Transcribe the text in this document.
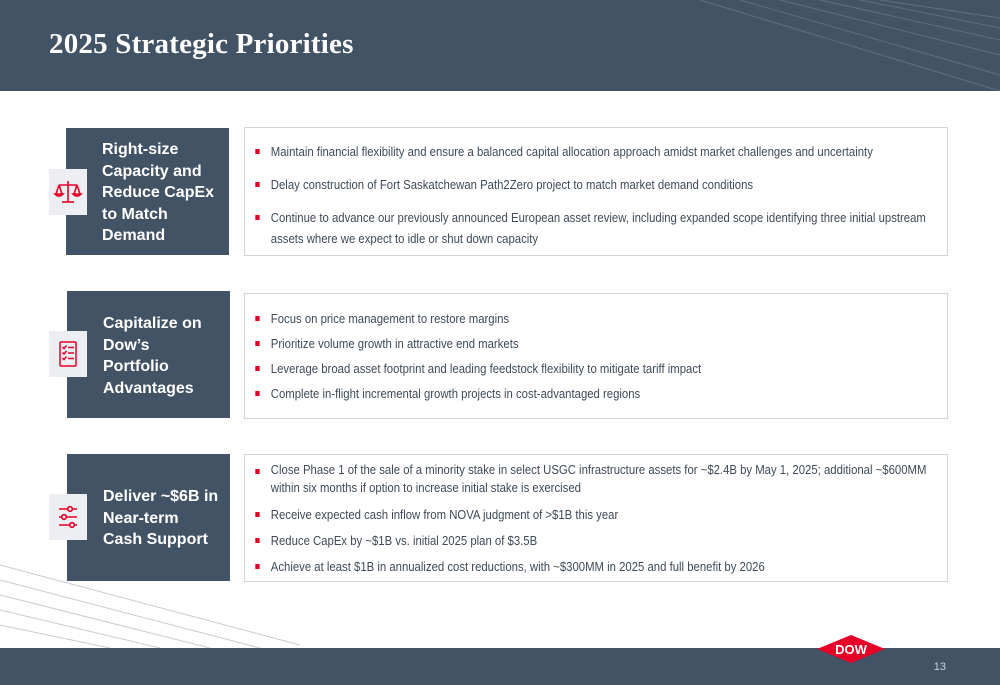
2025 Strategic Priorities
Right-size
Capacity and
Reduce CapEx
to Match
Demand
Maintain financial flexibility and ensure a balanced capital allocation approach amidst market challenges and uncertainty
Delay construction of Fort Saskatchewan Path2Zero project to match market demand conditions
Continue to advance our previously announced European asset review, including expanded scope identifying three initial upstream assets where we expect to idle or shut down capacity
Capitalize on
Dow’s
Portfolio
Advantages
Focus on price management to restore margins
Prioritize volume growth in attractive end markets
Leverage broad asset footprint and leading feedstock flexibility to mitigate tariff impact
Complete in-flight incremental growth projects in cost-advantaged regions
Deliver ~$6B in
Near-term
Cash Support
Close Phase 1 of the sale of a minority stake in select USGC infrastructure assets for ~$2.4B by May 1, 2025; additional ~$600MM within six months if option to increase initial stake is exercised
Receive expected cash inflow from NOVA judgment of >$1B this year
Reduce CapEx by ~$1B vs. initial 2025 plan of $3.5B
Achieve at least $1B in annualized cost reductions, with ~$300MM in 2025 and full benefit by 2026
13
DOW
